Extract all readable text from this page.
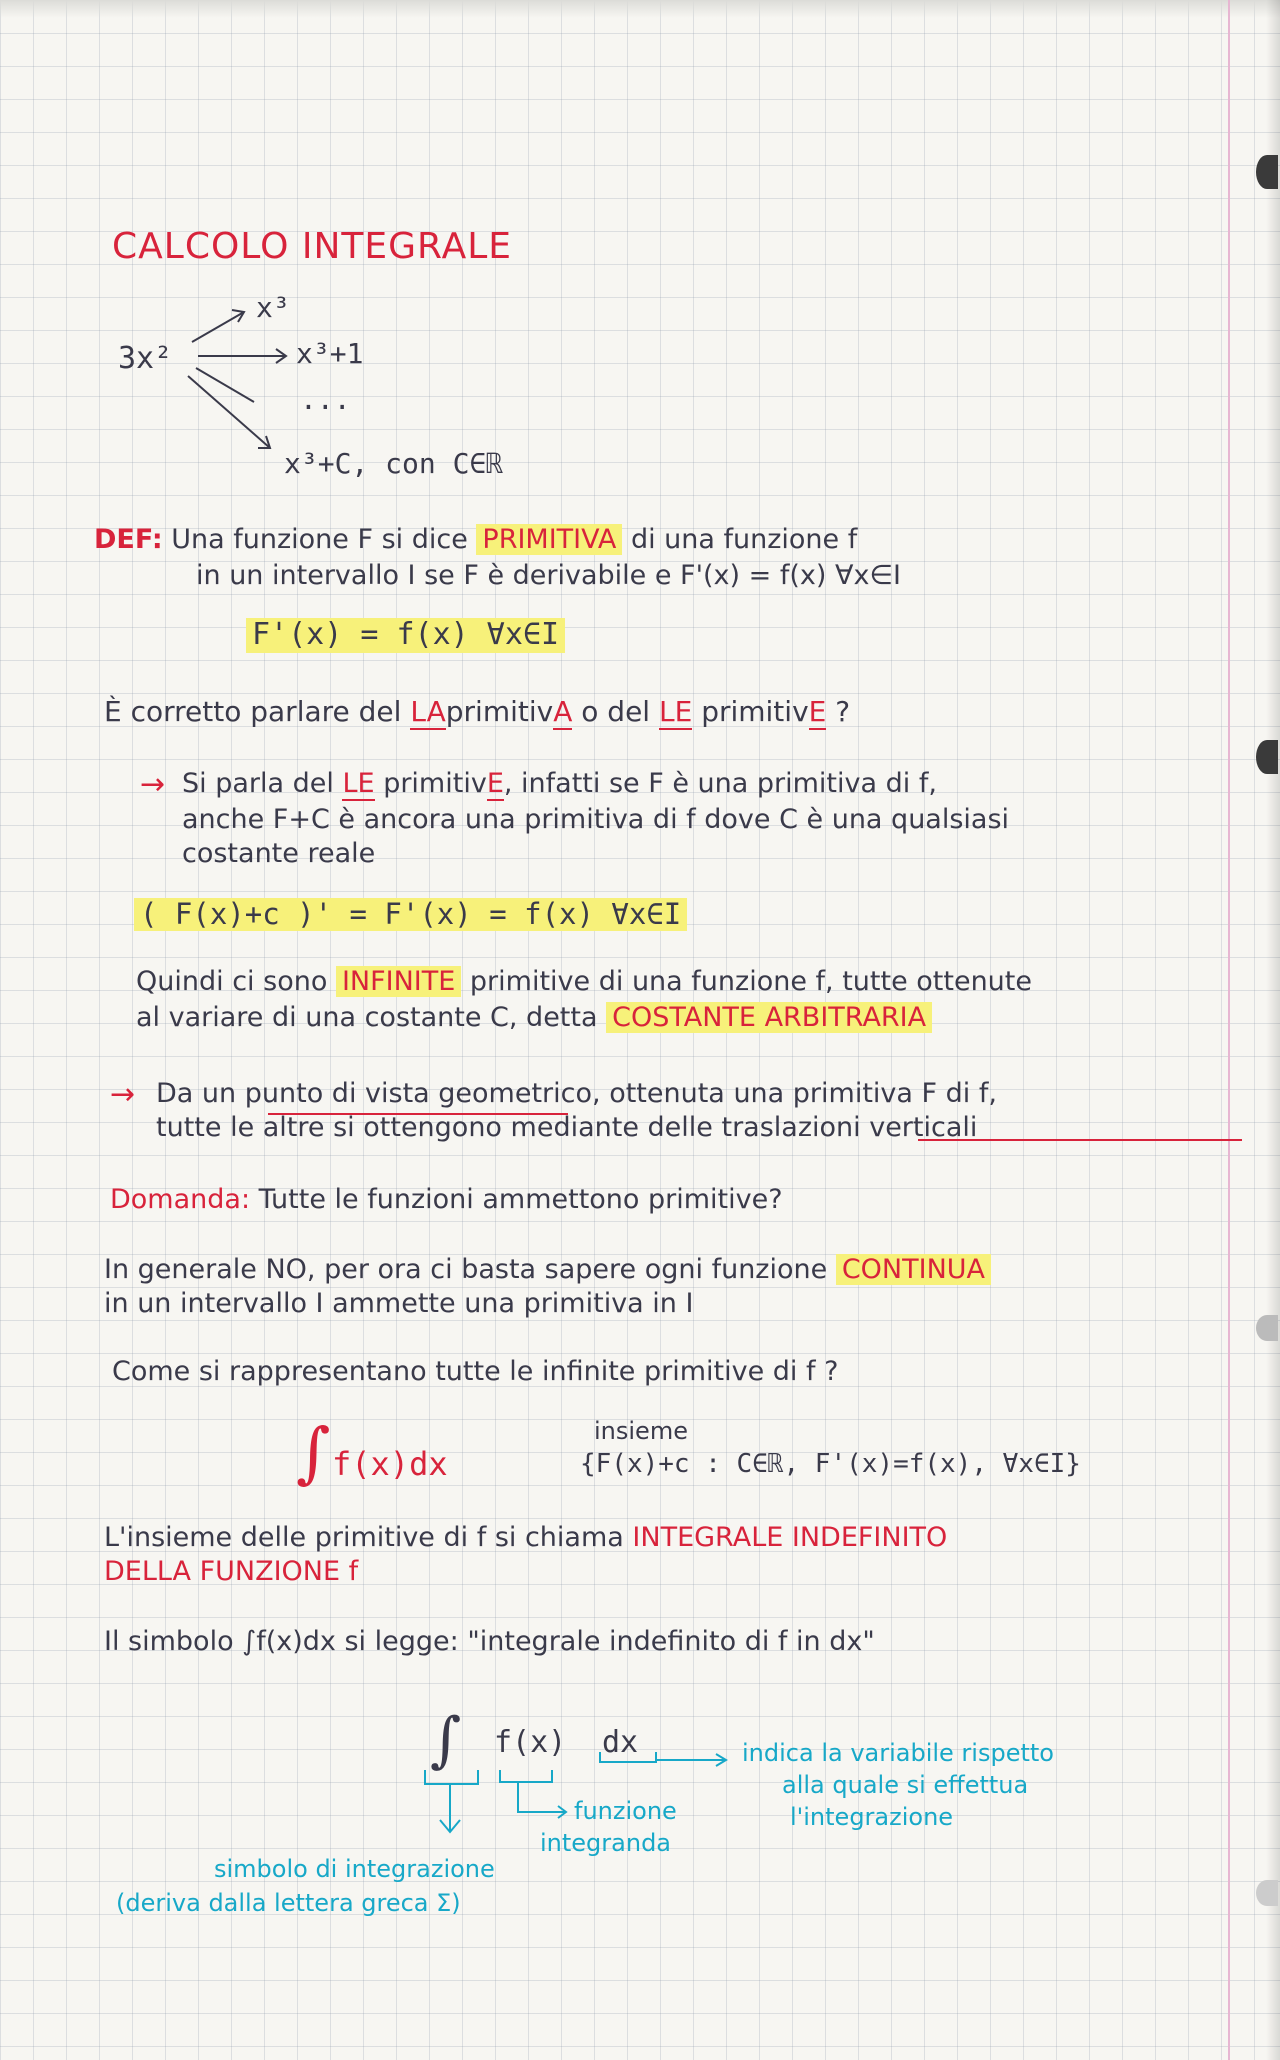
CALCOLO INTEGRALE
3x²
x³
x³+1
...
x³+C, con C∈ℝ
DEF: Una funzione F si dice PRIMITIVA di una funzione f
in un intervallo I se F è derivabile e F'(x) = f(x) ∀x∈I
F'(x) = f(x) ∀x∈I
È corretto parlare del LAprimitivA o del LE primitivE ?
→ Si parla del LE primitivE, infatti se F è una primitiva di f,
anche F+C è ancora una primitiva di f dove C è una qualsiasi
costante reale
( F(x)+c )' = F'(x) = f(x) ∀x∈I
Quindi ci sono INFINITE primitive di una funzione f, tutte ottenute
al variare di una costante C, detta COSTANTE ARBITRARIA
→ Da un punto di vista geometrico, ottenuta una primitiva F di f,
tutte le altre si ottengono mediante delle traslazioni verticali
Domanda: Tutte le funzioni ammettono primitive?
In generale NO, per ora ci basta sapere ogni funzione CONTINUA
in un intervallo I ammette una primitiva in I
Come si rappresentano tutte le infinite primitive di f ?
∫ f(x)dx
insieme
{F(x)+c : C∈ℝ, F'(x)=f(x), ∀x∈I}
L'insieme delle primitive di f si chiama INTEGRALE INDEFINITO
DELLA FUNZIONE f
Il simbolo ∫f(x)dx si legge: "integrale indefinito di f in dx"
∫ f(x) dx	indica la variabile rispetto
alla quale si effettua
l'integrazione
funzione
integranda
simbolo di integrazione
(deriva dalla lettera greca Σ)
